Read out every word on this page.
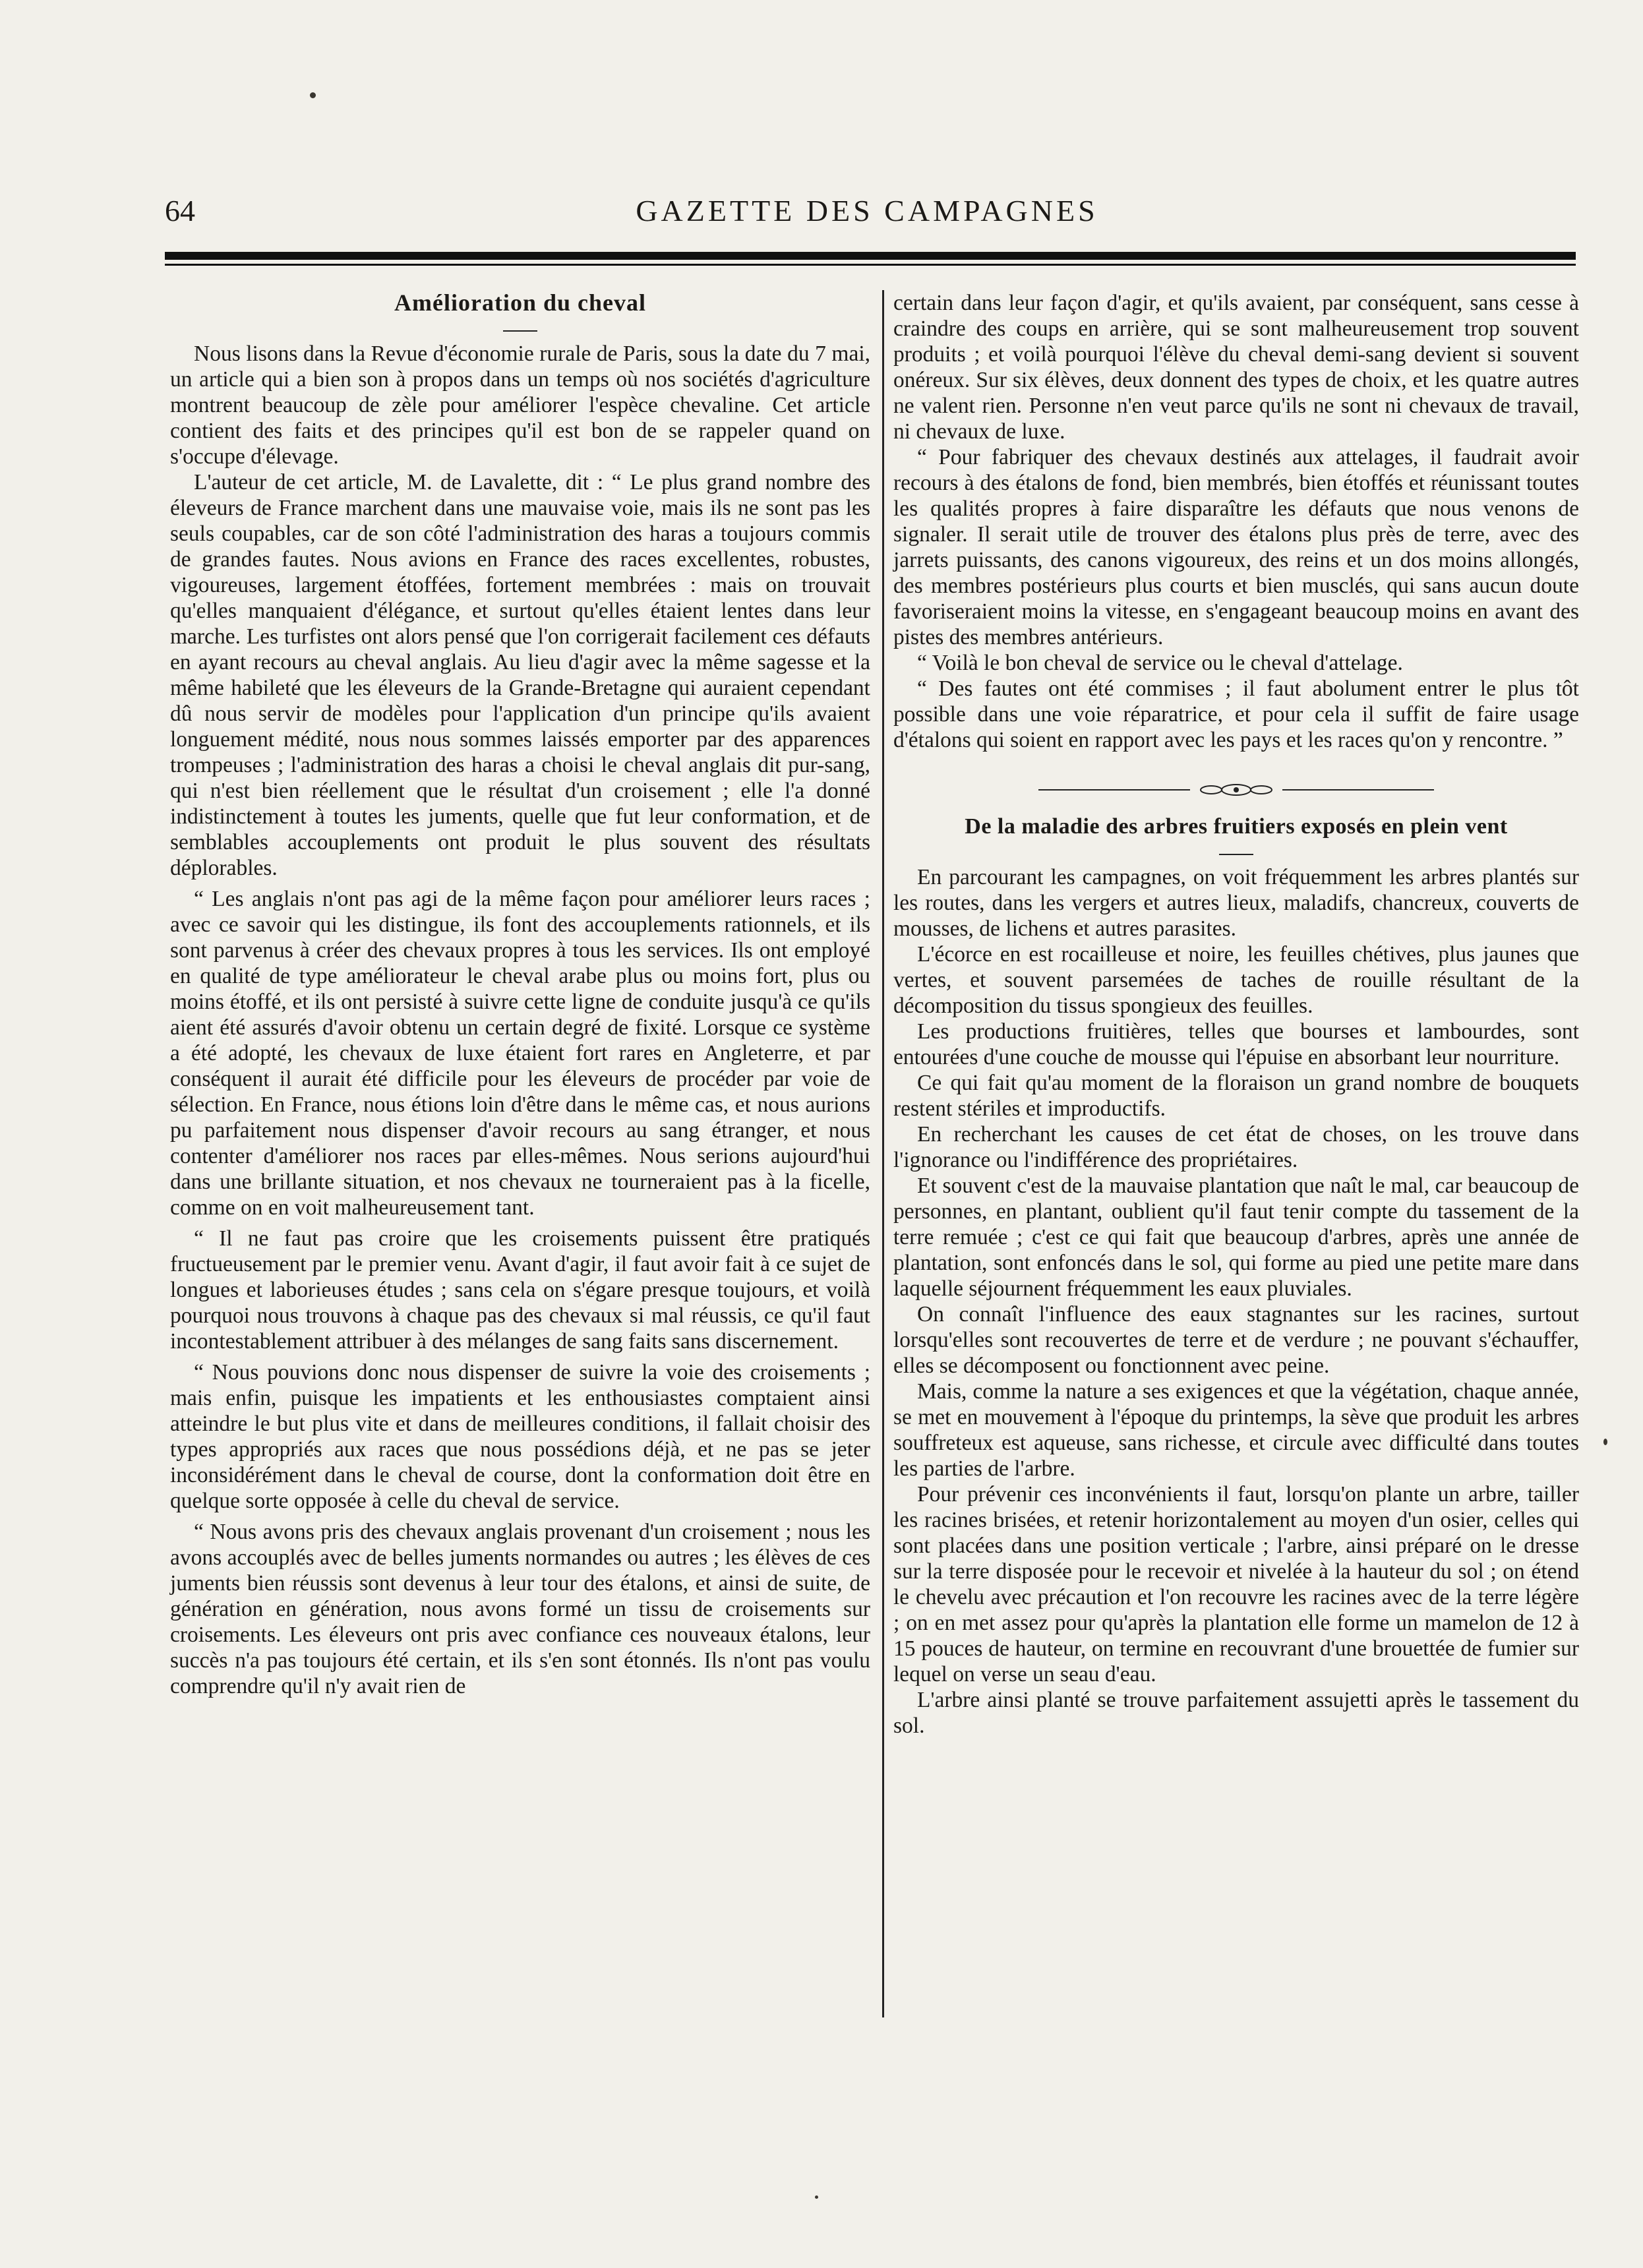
64	GAZETTE DES CAMPAGNES
Amélioration du cheval

Nous lisons dans la Revue d'économie rurale de Paris, sous la date du 7 mai, un article qui a bien son à propos dans un temps où nos sociétés d'agriculture montrent beaucoup de zèle pour améliorer l'espèce chevaline. Cet article contient des faits et des principes qu'il est bon de se rappeler quand on s'occupe d'élevage.

L'auteur de cet article, M. de Lavalette, dit : “ Le plus grand nombre des éleveurs de France marchent dans une mauvaise voie, mais ils ne sont pas les seuls coupables, car de son côté l'administration des haras a toujours commis de grandes fautes. Nous avions en France des races excellentes, robustes, vigoureuses, largement étoffées, fortement membrées : mais on trouvait qu'elles manquaient d'élégance, et surtout qu'elles étaient lentes dans leur marche. Les turfistes ont alors pensé que l'on corrigerait facilement ces défauts en ayant recours au cheval anglais. Au lieu d'agir avec la même sagesse et la même habileté que les éleveurs de la Grande-Bretagne qui auraient cependant dû nous servir de modèles pour l'application d'un principe qu'ils avaient longuement médité, nous nous sommes laissés emporter par des apparences trompeuses ; l'administration des haras a choisi le cheval anglais dit pur-sang, qui n'est bien réellement que le résultat d'un croisement ; elle l'a donné indistinctement à toutes les juments, quelle que fut leur conformation, et de semblables accouplements ont produit le plus souvent des résultats déplorables.

“ Les anglais n'ont pas agi de la même façon pour améliorer leurs races ; avec ce savoir qui les distingue, ils font des accouplements rationnels, et ils sont parvenus à créer des chevaux propres à tous les services. Ils ont employé en qualité de type améliorateur le cheval arabe plus ou moins fort, plus ou moins étoffé, et ils ont persisté à suivre cette ligne de conduite jusqu'à ce qu'ils aient été assurés d'avoir obtenu un certain degré de fixité. Lorsque ce système a été adopté, les chevaux de luxe étaient fort rares en Angleterre, et par conséquent il aurait été difficile pour les éleveurs de procéder par voie de sélection. En France, nous étions loin d'être dans le même cas, et nous aurions pu parfaitement nous dispenser d'avoir recours au sang étranger, et nous contenter d'améliorer nos races par elles-mêmes. Nous serions aujourd'hui dans une brillante situation, et nos chevaux ne tourneraient pas à la ficelle, comme on en voit malheureusement tant.

“ Il ne faut pas croire que les croisements puissent être pratiqués fructueusement par le premier venu. Avant d'agir, il faut avoir fait à ce sujet de longues et laborieuses études ; sans cela on s'égare presque toujours, et voilà pourquoi nous trouvons à chaque pas des chevaux si mal réussis, ce qu'il faut incontestablement attribuer à des mélanges de sang faits sans discernement.

“ Nous pouvions donc nous dispenser de suivre la voie des croisements ; mais enfin, puisque les impatients et les enthousiastes comptaient ainsi atteindre le but plus vite et dans de meilleures conditions, il fallait choisir des types appropriés aux races que nous possédions déjà, et ne pas se jeter inconsidérément dans le cheval de course, dont la conformation doit être en quelque sorte opposée à celle du cheval de service.

“ Nous avons pris des chevaux anglais provenant d'un croisement ; nous les avons accouplés avec de belles juments normandes ou autres ; les élèves de ces juments bien réussis sont devenus à leur tour des étalons, et ainsi de suite, de génération en génération, nous avons formé un tissu de croisements sur croisements. Les éleveurs ont pris avec confiance ces nouveaux étalons, leur succès n'a pas toujours été certain, et ils s'en sont étonnés. Ils n'ont pas voulu comprendre qu'il n'y avait rien de

certain dans leur façon d'agir, et qu'ils avaient, par conséquent, sans cesse à craindre des coups en arrière, qui se sont malheureusement trop souvent produits ; et voilà pourquoi l'élève du cheval demi-sang devient si souvent onéreux. Sur six élèves, deux donnent des types de choix, et les quatre autres ne valent rien. Personne n'en veut parce qu'ils ne sont ni chevaux de travail, ni chevaux de luxe.

“ Pour fabriquer des chevaux destinés aux attelages, il faudrait avoir recours à des étalons de fond, bien membrés, bien étoffés et réunissant toutes les qualités propres à faire disparaître les défauts que nous venons de signaler. Il serait utile de trouver des étalons plus près de terre, avec des jarrets puissants, des canons vigoureux, des reins et un dos moins allongés, des membres postérieurs plus courts et bien musclés, qui sans aucun doute favoriseraient moins la vitesse, en s'engageant beaucoup moins en avant des pistes des membres antérieurs.

“ Voilà le bon cheval de service ou le cheval d'attelage.

“ Des fautes ont été commises ; il faut abolument entrer le plus tôt possible dans une voie réparatrice, et pour cela il suffit de faire usage d'étalons qui soient en rapport avec les pays et les races qu'on y rencontre. ”

De la maladie des arbres fruitiers exposés en plein vent

En parcourant les campagnes, on voit fréquemment les arbres plantés sur les routes, dans les vergers et autres lieux, maladifs, chancreux, couverts de mousses, de lichens et autres parasites.

L'écorce en est rocailleuse et noire, les feuilles chétives, plus jaunes que vertes, et souvent parsemées de taches de rouille résultant de la décomposition du tissus spongieux des feuilles.

Les productions fruitières, telles que bourses et lambourdes, sont entourées d'une couche de mousse qui l'épuise en absorbant leur nourriture.

Ce qui fait qu'au moment de la floraison un grand nombre de bouquets restent stériles et improductifs.

En recherchant les causes de cet état de choses, on les trouve dans l'ignorance ou l'indifférence des propriétaires.

Et souvent c'est de la mauvaise plantation que naît le mal, car beaucoup de personnes, en plantant, oublient qu'il faut tenir compte du tassement de la terre remuée ; c'est ce qui fait que beaucoup d'arbres, après une année de plantation, sont enfoncés dans le sol, qui forme au pied une petite mare dans laquelle séjournent fréquemment les eaux pluviales.

On connaît l'influence des eaux stagnantes sur les racines, surtout lorsqu'elles sont recouvertes de terre et de verdure ; ne pouvant s'échauffer, elles se décomposent ou fonctionnent avec peine.

Mais, comme la nature a ses exigences et que la végétation, chaque année, se met en mouvement à l'époque du printemps, la sève que produit les arbres souffreteux est aqueuse, sans richesse, et circule avec difficulté dans toutes les parties de l'arbre.

Pour prévenir ces inconvénients il faut, lorsqu'on plante un arbre, tailler les racines brisées, et retenir horizontalement au moyen d'un osier, celles qui sont placées dans une position verticale ; l'arbre, ainsi préparé on le dresse sur la terre disposée pour le recevoir et nivelée à la hauteur du sol ; on étend le chevelu avec précaution et l'on recouvre les racines avec de la terre légère ; on en met assez pour qu'après la plantation elle forme un mamelon de 12 à 15 pouces de hauteur, on termine en recouvrant d'une brouettée de fumier sur lequel on verse un seau d'eau.

L'arbre ainsi planté se trouve parfaitement assujetti après le tassement du sol.
